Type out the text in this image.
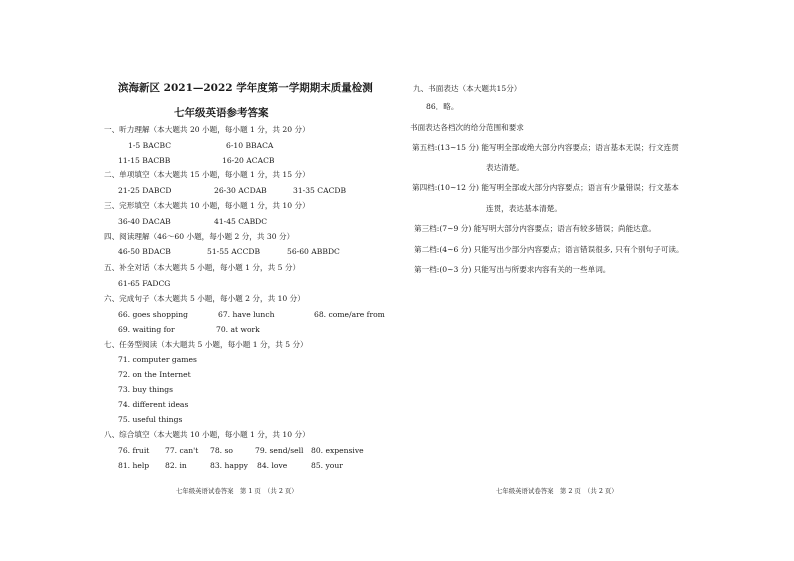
滨海新区 2021—2022 学年度第一学期期末质量检测
七年级英语参考答案
一、听力理解（本大题共 20 小题，每小题 1 分，共 20 分）
1-5 BACBC	6-10 BBACA
11-15 BACBB	16-20 ACACB
二、单项填空（本大题共 15 小题，每小题 1 分，共 15 分）
21-25 DABCD	26-30 ACDAB	31-35 CACDB
三、完形填空（本大题共 10 小题，每小题 1 分，共 10 分）
36-40 DACAB	41-45 CABDC
四、阅读理解（46～60 小题，每小题 2 分，共 30 分）
46-50 BDACB	51-55 ACCDB	56-60 ABBDC
五、补全对话（本大题共 5 小题，每小题 1 分，共 5 分）
61-65 FADCG
六、完成句子（本大题共 5 小题，每小题 2 分，共 10 分）
66. goes shopping	67. have lunch	68. come/are from
69. waiting for	70. at work
七、任务型阅读（本大题共 5 小题，每小题 1 分，共 5 分）
71. computer games
72. on the Internet
73. buy things
74. different ideas
75. useful things
八、综合填空（本大题共 10 小题，每小题 1 分，共 10 分）
76. fruit 77. can't 78. so	79. send/sell 80. expensive
81. help 82. in	83. happy 84. love	85. your
七年级英语试卷答案　第 1 页　（共 2 页）
九、书面表达（本大题共15分）
86．略。
书面表达各档次的给分范围和要求
第五档:(13~15 分) 能写明全部或绝大部分内容要点；语言基本无误；行文连贯
表达清楚。
第四档:(10~12 分) 能写明全部或大部分内容要点；语言有少量错误；行文基本
连贯，表达基本清楚。
第三档:(7~9 分) 能写明大部分内容要点；语言有较多错误；尚能达意。
第二档:(4~6 分) 只能写出少部分内容要点；语言错误很多, 只有个别句子可读。
第一档:(0~3 分) 只能写出与所要求内容有关的一些单词。
七年级英语试卷答案　第 2 页　（共 2 页）
